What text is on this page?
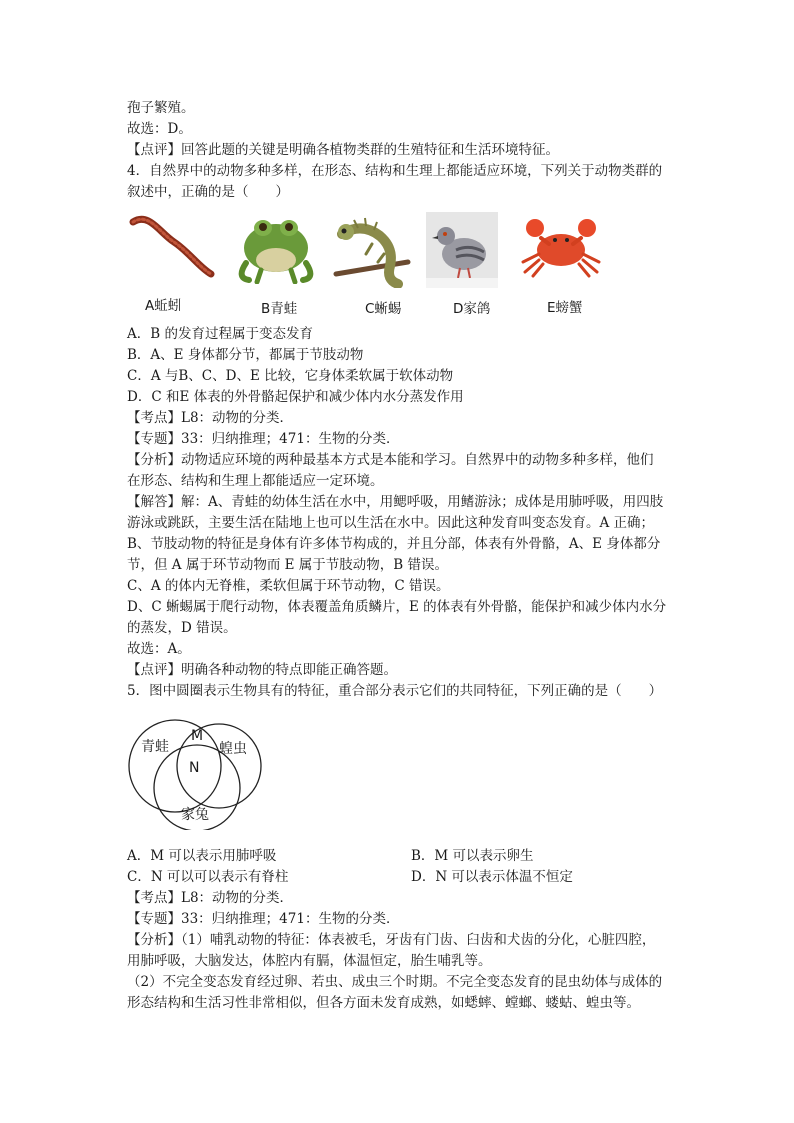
孢子繁殖。
故选：D。
【点评】回答此题的关键是明确各植物类群的生殖特征和生活环境特征。
4．自然界中的动物多种多样，在形态、结构和生理上都能适应环境，下列关于动物类群的
叙述中，正确的是（　　）
A蚯蚓	B青蛙	C蜥蜴	D家鸽	E螃蟹
A．B 的发育过程属于变态发育
B．A、E 身体都分节，都属于节肢动物
C．A 与B、C、D、E 比较，它身体柔软属于软体动物
D．C 和E 体表的外骨骼起保护和减少体内水分蒸发作用
【考点】L8：动物的分类．
【专题】33：归纳推理；471：生物的分类．
【分析】动物适应环境的两种最基本方式是本能和学习。自然界中的动物多种多样，他们
在形态、结构和生理上都能适应一定环境。
【解答】解：A、青蛙的幼体生活在水中，用鳃呼吸，用鳍游泳；成体是用肺呼吸，用四肢
游泳或跳跃，主要生活在陆地上也可以生活在水中。因此这种发育叫变态发育。A 正确；
B、节肢动物的特征是身体有许多体节构成的，并且分部，体表有外骨骼，A、E 身体都分
节，但 A 属于环节动物而 E 属于节肢动物，B 错误。
C、A 的体内无脊椎，柔软但属于环节动物，C 错误。
D、C 蜥蜴属于爬行动物，体表覆盖角质鳞片，E 的体表有外骨骼，能保护和减少体内水分
的蒸发，D 错误。
故选：A。
【点评】明确各种动物的特点即能正确答题。
5．图中圆圈表示生物具有的特征，重合部分表示它们的共同特征，下列正确的是（　　）
青蛙	蝗虫
家兔
M
N
A．M 可以表示用肺呼吸	B．M 可以表示卵生
C．N 可以可以表示有脊柱	D．N 可以表示体温不恒定
【考点】L8：动物的分类．
【专题】33：归纳推理；471：生物的分类．
【分析】（1）哺乳动物的特征：体表被毛，牙齿有门齿、臼齿和犬齿的分化，心脏四腔，
用肺呼吸，大脑发达，体腔内有膈，体温恒定，胎生哺乳等。
（2）不完全变态发育经过卵、若虫、成虫三个时期。不完全变态发育的昆虫幼体与成体的
形态结构和生活习性非常相似，但各方面未发育成熟，如蟋蟀、螳螂、蝼蛄、蝗虫等。
